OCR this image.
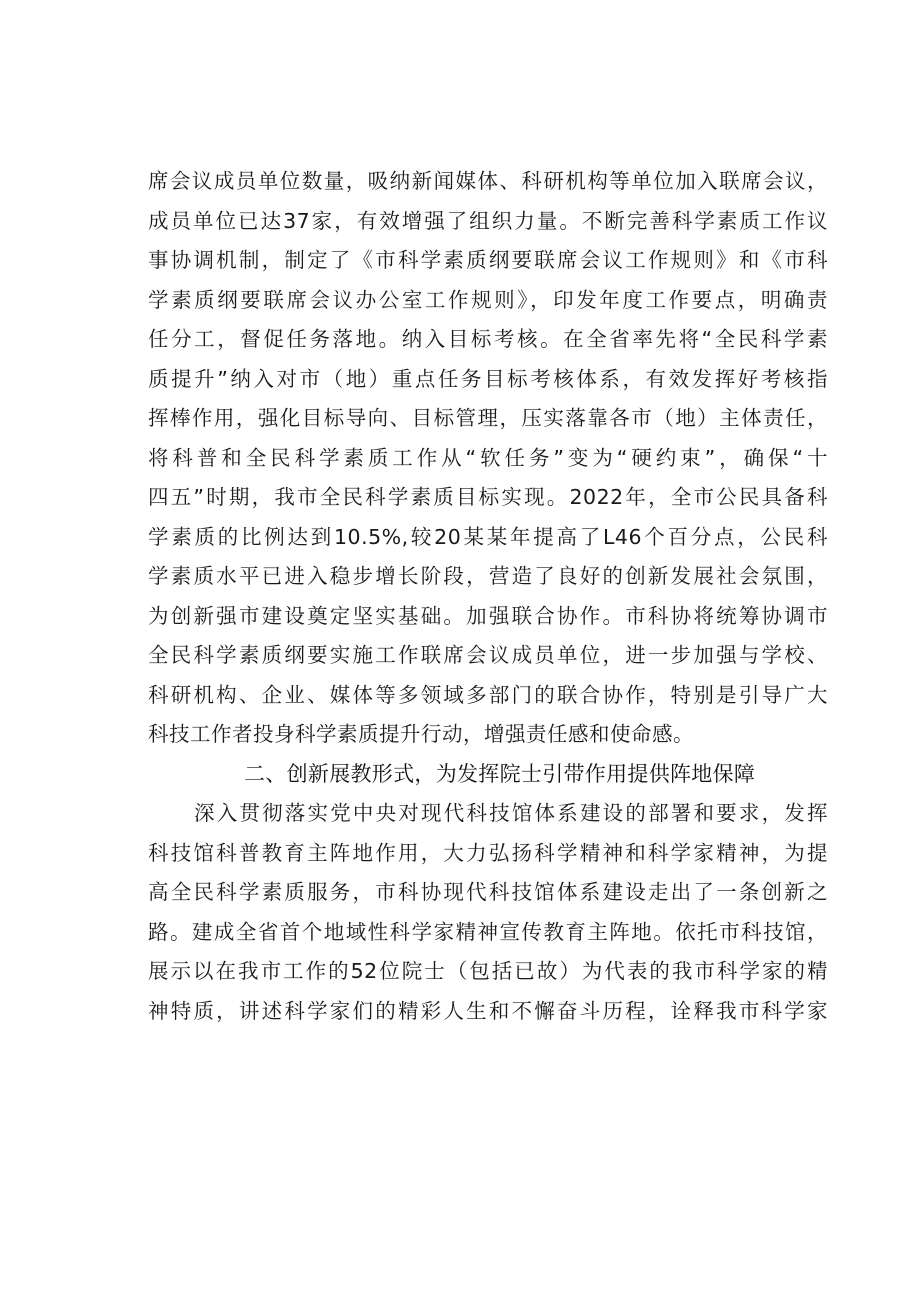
席会议成员单位数量，吸纳新闻媒体、科研机构等单位加入联席会议，
成员单位已达37家，有效增强了组织力量。不断完善科学素质工作议
事协调机制，制定了《市科学素质纲要联席会议工作规则》和《市科
学素质纲要联席会议办公室工作规则》，印发年度工作要点，明确责
任分工，督促任务落地。纳入目标考核。在全省率先将“全民科学素
质提升”纳入对市（地）重点任务目标考核体系，有效发挥好考核指
挥棒作用，强化目标导向、目标管理，压实落靠各市（地）主体责任，
将科普和全民科学素质工作从“软任务”变为“硬约束”，确保“十
四五”时期，我市全民科学素质目标实现。2022年，全市公民具备科
学素质的比例达到10.5%,较20某某年提高了L46个百分点，公民科
学素质水平已进入稳步增长阶段，营造了良好的创新发展社会氛围，
为创新强市建设奠定坚实基础。加强联合协作。市科协将统筹协调市
全民科学素质纲要实施工作联席会议成员单位，进一步加强与学校、
科研机构、企业、媒体等多领域多部门的联合协作，特别是引导广大
科技工作者投身科学素质提升行动，增强责任感和使命感。
二、创新展教形式，为发挥院士引带作用提供阵地保障
深入贯彻落实党中央对现代科技馆体系建设的部署和要求，发挥
科技馆科普教育主阵地作用，大力弘扬科学精神和科学家精神，为提
高全民科学素质服务，市科协现代科技馆体系建设走出了一条创新之
路。建成全省首个地域性科学家精神宣传教育主阵地。依托市科技馆，
展示以在我市工作的52位院士（包括已故）为代表的我市科学家的精
神特质，讲述科学家们的精彩人生和不懈奋斗历程，诠释我市科学家
